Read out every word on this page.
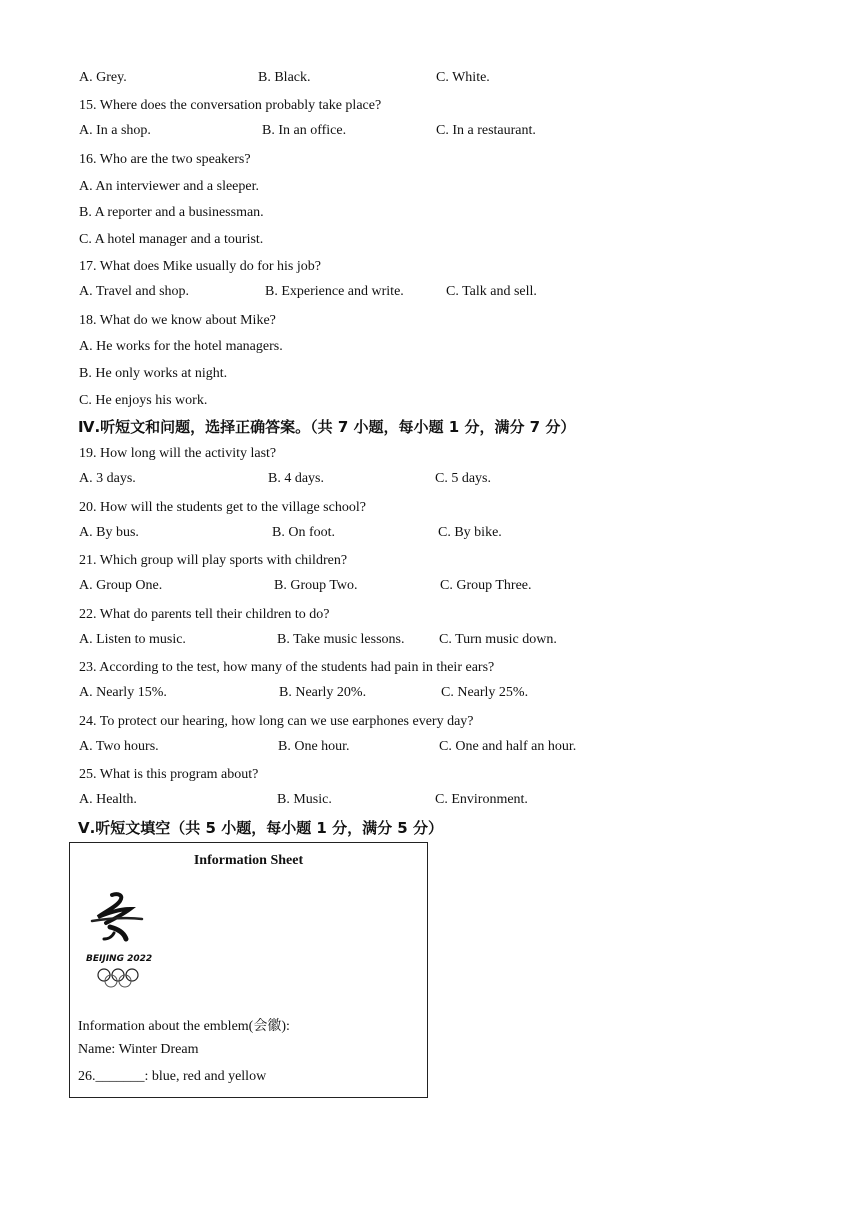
A. Grey.	B. Black.	C. White.
15. Where does the conversation probably take place?
A. In a shop.	B. In an office.	C. In a restaurant.
16. Who are the two speakers?
A. An interviewer and a sleeper.
B. A reporter and a businessman.
C. A hotel manager and a tourist.
17. What does Mike usually do for his job?
A. Travel and shop.	B. Experience and write.	C. Talk and sell.
18. What do we know about Mike?
A. He works for the hotel managers.
B. He only works at night.
C. He enjoys his work.
Ⅳ.听短文和问题，选择正确答案。（共 7 小题，每小题 1 分，满分 7 分）
19. How long will the activity last?
A. 3 days.	B. 4 days.	C. 5 days.
20. How will the students get to the village school?
A. By bus.	B. On foot.	C. By bike.
21. Which group will play sports with children?
A. Group One.	B. Group Two.	C. Group Three.
22. What do parents tell their children to do?
A. Listen to music.	B. Take music lessons. C. Turn music down.
23. According to the test, how many of the students had pain in their ears?
A. Nearly 15%.	B. Nearly 20%.	C. Nearly 25%.
24. To protect our hearing, how long can we use earphones every day?
A. Two hours.	B. One hour.	C. One and half an hour.
25. What is this program about?
A. Health.	B. Music.	C. Environment.
Ⅴ.听短文填空（共 5 小题，每小题 1 分，满分 5 分）
Information Sheet
BEIJING 2022
Information about the emblem(会徽):
Name: Winter Dream
26._______: blue, red and yellow
